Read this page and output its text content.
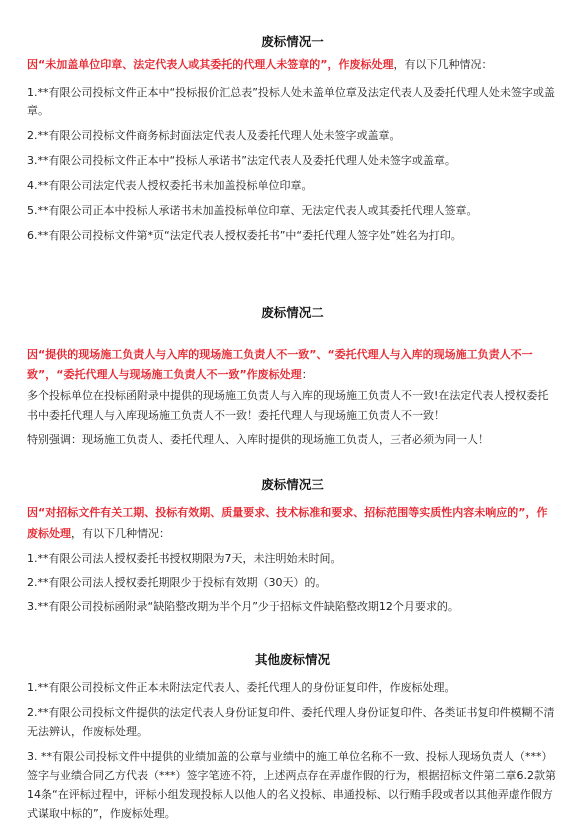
废标情况一

因“未加盖单位印章、法定代表人或其委托的代理人未签章的”，作废标处理，有以下几种情况：

1.**有限公司投标文件正本中“投标报价汇总表”投标人处未盖单位章及法定代表人及委托代理人处未签字或盖章。

2.**有限公司投标文件商务标封面法定代表人及委托代理人处未签字或盖章。

3.**有限公司投标文件正本中“投标人承诺书”法定代表人及委托代理人处未签字或盖章。

4.**有限公司法定代表人授权委托书未加盖投标单位印章。

5.**有限公司正本中投标人承诺书未加盖投标单位印章、无法定代表人或其委托代理人签章。

6.**有限公司投标文件第*页“法定代表人授权委托书”中“委托代理人签字处”姓名为打印。

废标情况二

因“提供的现场施工负责人与入库的现场施工负责人不一致”、“委托代理人与入库的现场施工负责人不一致”，“委托代理人与现场施工负责人不一致”作废标处理：

多个投标单位在投标函附录中提供的现场施工负责人与入库的现场施工负责人不一致!在法定代表人授权委托书中委托代理人与入库现场施工负责人不一致！委托代理人与现场施工负责人不一致！

特别强调：现场施工负责人、委托代理人、入库时提供的现场施工负责人，三者必须为同一人！

废标情况三

因“对招标文件有关工期、投标有效期、质量要求、技术标准和要求、招标范围等实质性内容未响应的”，作废标处理，有以下几种情况：

1.**有限公司法人授权委托书授权期限为7天，未注明始未时间。

2.**有限公司法人授权委托期限少于投标有效期（30天）的。

3.**有限公司投标函附录“缺陷整改期为半个月”少于招标文件缺陷整改期12个月要求的。

其他废标情况

1.**有限公司投标文件正本未附法定代表人、委托代理人的身份证复印件，作废标处理。

2.**有限公司投标文件提供的法定代表人身份证复印件、委托代理人身份证复印件、各类证书复印件模糊不清无法辨认，作废标处理。

3. **有限公司投标文件中提供的业绩加盖的公章与业绩中的施工单位名称不一致、投标人现场负责人（***）签字与业绩合同乙方代表（***）签字笔迹不符，上述两点存在弄虚作假的行为，根据招标文件第二章6.2款第14条“在评标过程中，评标小组发现投标人以他人的名义投标、串通投标、以行贿手段或者以其他弄虚作假方式谋取中标的”，作废标处理。
